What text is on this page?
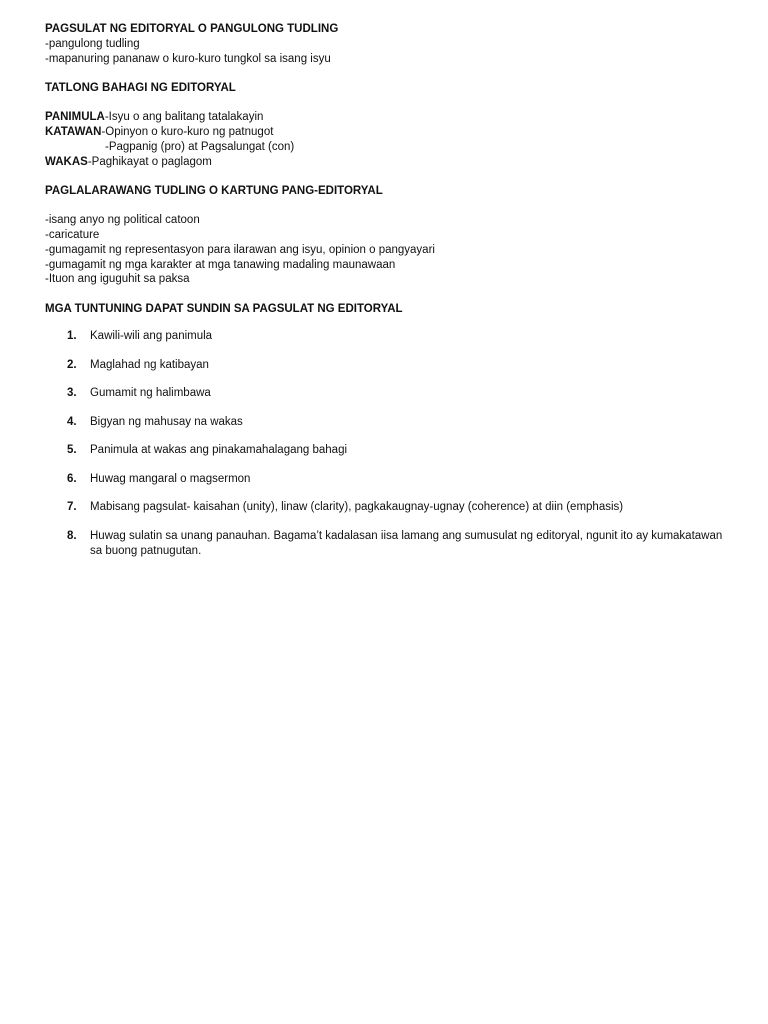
PAGSULAT NG EDITORYAL O PANGULONG TUDLING
-pangulong tudling
-mapanuring pananaw o kuro-kuro tungkol sa isang isyu
TATLONG BAHAGI NG EDITORYAL
PANIMULA-Isyu o ang balitang tatalakayin
KATAWAN-Opinyon o kuro-kuro ng patnugot
-Pagpanig (pro) at Pagsalungat (con)
WAKAS-Paghikayat o paglagom
PAGLALARAWANG TUDLING O KARTUNG PANG-EDITORYAL
-isang anyo ng political catoon
-caricature
-gumagamit ng representasyon para ilarawan ang isyu, opinion o pangyayari
-gumagamit ng mga karakter at mga tanawing madaling maunawaan
-Ituon ang iguguhit sa paksa
MGA TUNTUNING DAPAT SUNDIN SA PAGSULAT NG EDITORYAL
1. Kawili-wili ang panimula
2. Maglahad ng katibayan
3. Gumamit ng halimbawa
4. Bigyan ng mahusay na wakas
5. Panimula at wakas ang pinakamahalagang bahagi
6. Huwag mangaral o magsermon
7. Mabisang pagsulat- kaisahan (unity), linaw (clarity), pagkakaugnay-ugnay (coherence) at diin (emphasis)
8. Huwag sulatin sa unang panauhan. Bagama’t kadalasan iisa lamang ang sumusulat ng editoryal, ngunit ito ay kumakatawan sa buong patnugutan.
